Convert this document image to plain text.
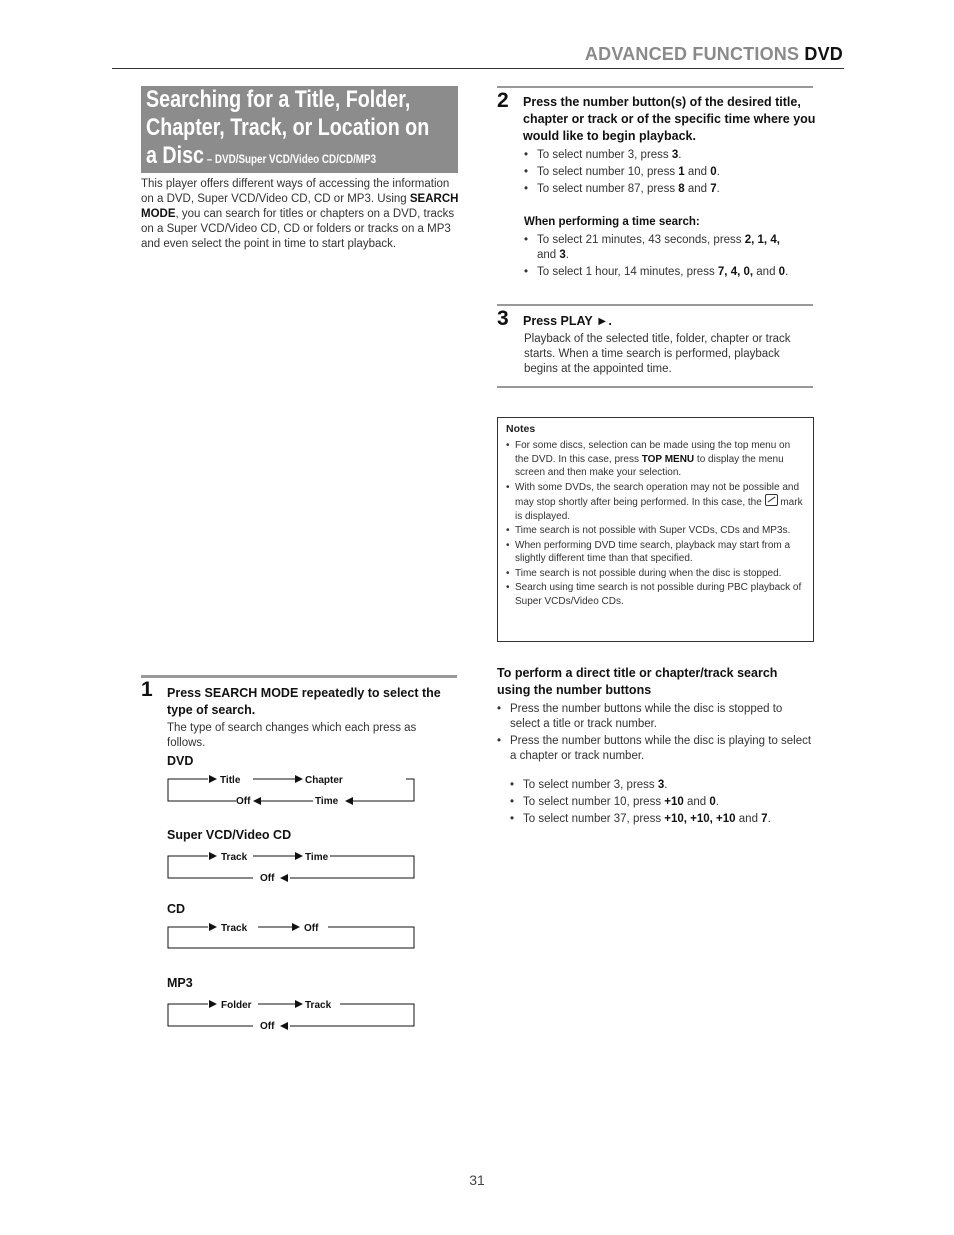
ADVANCED FUNCTIONS DVD
Searching for a Title, Folder,
Chapter, Track, or Location on
a Disc – DVD/Super VCD/Video CD/CD/MP3
This player offers different ways of accessing the information on a DVD, Super VCD/Video CD, CD or MP3. Using SEARCH MODE, you can search for titles or chapters on a DVD, tracks on a Super VCD/Video CD, CD or folders or tracks on a MP3 and even select the point in time to start playback.
2 Press the number button(s) of the desired title, chapter or track or of the specific time where you would like to begin playback.
• To select number 3, press 3.
• To select number 10, press 1 and 0.
• To select number 87, press 8 and 7.
When performing a time search:
• To select 21 minutes, 43 seconds, press 2, 1, 4, and 3.
• To select 1 hour, 14 minutes, press 7, 4, 0, and 0.
3 Press PLAY ►.
Playback of the selected title, folder, chapter or track starts. When a time search is performed, playback begins at the appointed time.
Notes
• For some discs, selection can be made using the top menu on the DVD. In this case, press TOP MENU to display the menu screen and then make your selection.
• With some DVDs, the search operation may not be possible and may stop shortly after being performed. In this case, the  mark is displayed.
• Time search is not possible with Super VCDs, CDs and MP3s.
• When performing DVD time search, playback may start from a slightly different time than that specified.
• Time search is not possible during when the disc is stopped.
• Search using time search is not possible during PBC playback of Super VCDs/Video CDs.
To perform a direct title or chapter/track search using the number buttons
• Press the number buttons while the disc is stopped to select a title or track number.
• Press the number buttons while the disc is playing to select a chapter or track number.
• To select number 3, press 3.
• To select number 10, press +10 and 0.
• To select number 37, press +10, +10, +10 and 7.
1 Press SEARCH MODE repeatedly to select the type of search.
The type of search changes which each press as follows.
DVD
Title	Chapter
Time
Off
Super VCD/Video CD
Track	Time
Off
CD
Track	Off
MP3
Folder	Track
Off
31
